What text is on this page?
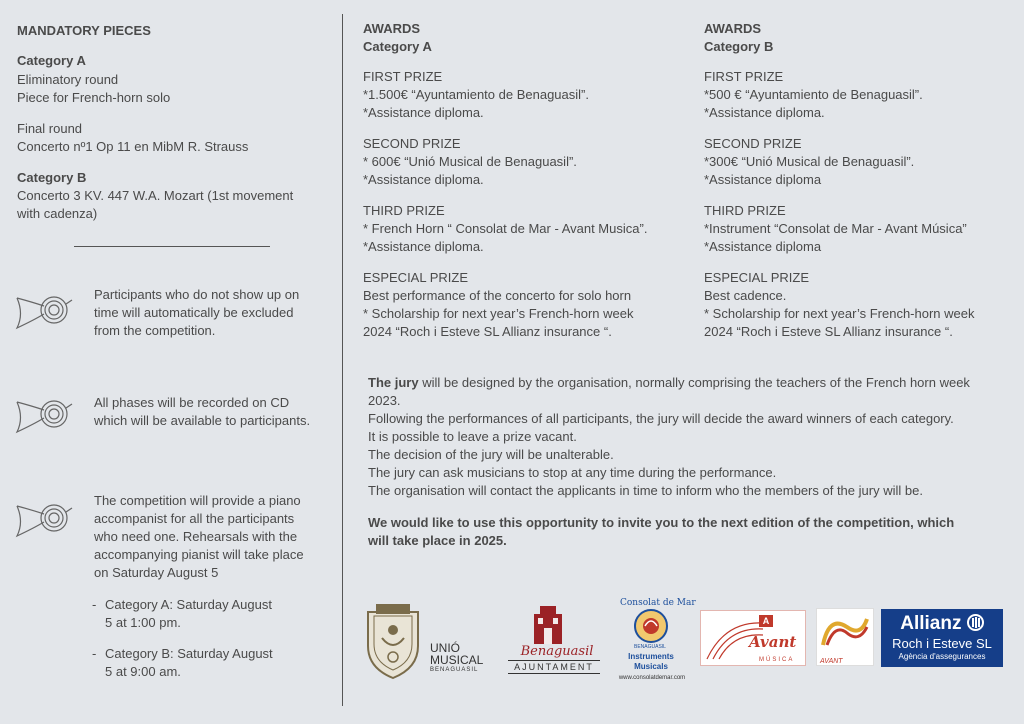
MANDATORY PIECES
Category A
Eliminatory round
Piece for French-horn solo
Final round
Concerto nº1 Op 11 en MibM R. Strauss
Category B
Concerto 3 KV. 447 W.A. Mozart (1st movement
with cadenza)
Participants who do not show up on
time will automatically be excluded
from the competition.
All phases will be recorded on CD
which will be available to participants.
The competition will provide a piano
accompanist for all the participants
who need one. Rehearsals with the
accompanying pianist will take place
on Saturday August 5
- Category A: Saturday August
5 at 1:00 pm.
- Category B: Saturday August
5 at 9:00 am.
AWARDS
Category A

FIRST PRIZE

*1.500€ “Ayuntamiento de Benaguasil”.

*Assistance diploma.

SECOND PRIZE

* 600€ “Unió Musical de Benaguasil”.

*Assistance diploma.

THIRD PRIZE

* French Horn “ Consolat de Mar - Avant Musica”.

*Assistance diploma.

ESPECIAL PRIZE

Best performance of the concerto for solo horn

* Scholarship for next year’s French-horn week

2024 “Roch i Esteve SL Allianz insurance “.

AWARDS
Category B

FIRST PRIZE

*500 € “Ayuntamiento de Benaguasil”.

*Assistance diploma.

SECOND PRIZE

*300€ “Unió Musical de Benaguasil”.

*Assistance diploma

THIRD PRIZE

*Instrument “Consolat de Mar - Avant Música”

*Assistance diploma

ESPECIAL PRIZE

Best cadence.

* Scholarship for next year’s French-horn week

2024 “Roch i Esteve SL Allianz insurance “.

The jury will be designed by the organisation, normally comprising the teachers of the French horn week
2023.
Following the performances of all participants, the jury will decide the award winners of each category.
It is possible to leave a prize vacant.
The decision of the jury will be unalterable.
The jury can ask musicians to stop at any time during the performance.
The organisation will contact the applicants in time to inform who the members of the jury will be.
We would like to use this opportunity to invite you to the next edition of the competition, which
will take place in 2025.
UNIÓ
MUSICAL
BENAGUASIL
Benaguasil
AJUNTAMENT
Consolat de Mar
BENAGUASIL
Instruments
Musicals
www.consolatdemar.com
A
Avant
MÚSICA	AVANT
Allianz
Roch i Esteve SL
Agència d'assegurances
